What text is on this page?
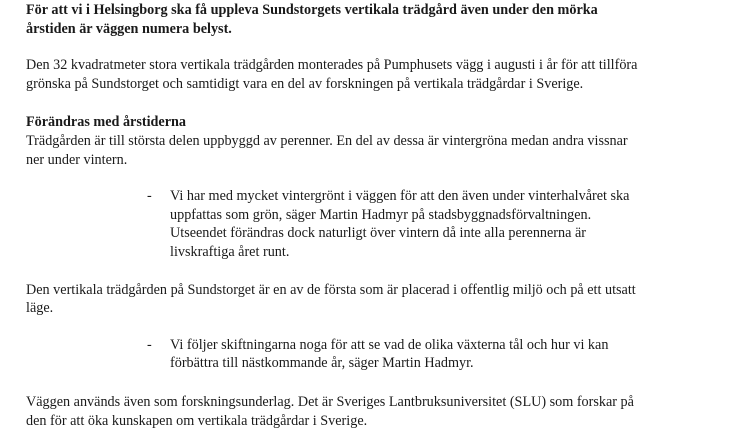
För att vi i Helsingborg ska få uppleva Sundstorgets vertikala trädgård även under den mörka årstiden är väggen numera belyst.

Den 32 kvadratmeter stora vertikala trädgården monterades på Pumphusets vägg i augusti i år för att tillföra grönska på Sundstorget och samtidigt vara en del av forskningen på vertikala trädgårdar i Sverige.

Förändras med årstiderna

Trädgården är till största delen uppbyggd av perenner. En del av dessa är vintergröna medan andra vissnar ner under vintern.

-	Vi har med mycket vintergrönt i väggen för att den även under vinterhalvåret ska uppfattas som grön, säger Martin Hadmyr på stadsbyggnadsförvaltningen. Utseendet förändras dock naturligt över vintern då inte alla perennerna är livskraftiga året runt.

Den vertikala trädgården på Sundstorget är en av de första som är placerad i offentlig miljö och på ett utsatt läge.

-	Vi följer skiftningarna noga för att se vad de olika växterna tål och hur vi kan förbättra till nästkommande år, säger Martin Hadmyr.

Väggen används även som forskningsunderlag. Det är Sveriges Lantbruksuniversitet (SLU) som forskar på den för att öka kunskapen om vertikala trädgårdar i Sverige.
